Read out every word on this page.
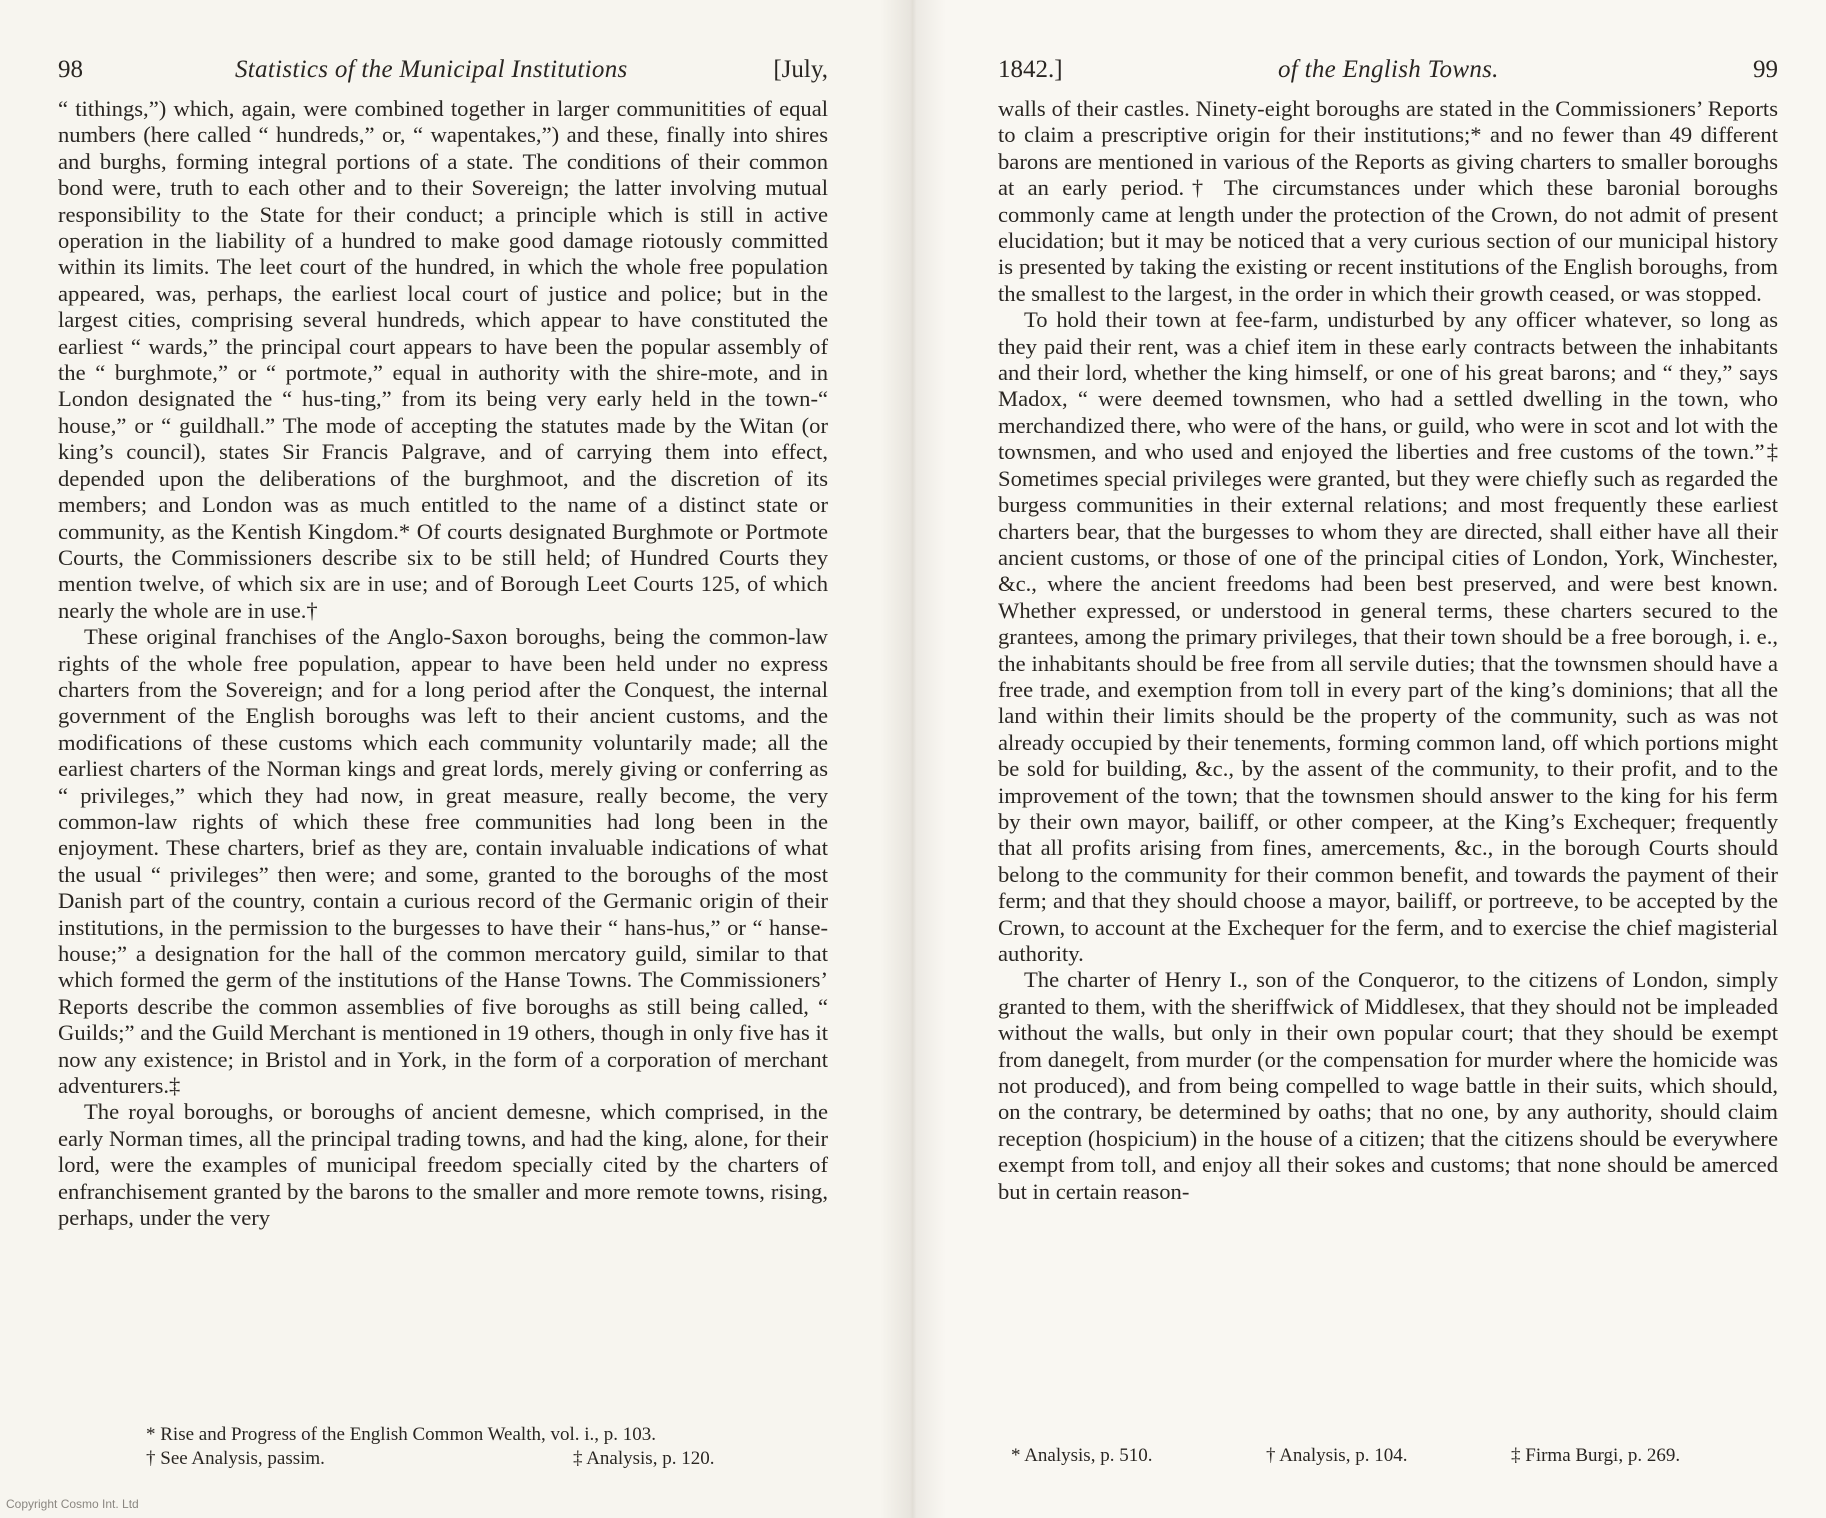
98	Statistics of the Municipal Institutions	[July,

“ tithings,”) which, again, were combined together in larger communitities of equal numbers (here called “ hundreds,” or, “ wapentakes,”) and these, finally into shires and burghs, forming integral portions of a state. The conditions of their common bond were, truth to each other and to their Sovereign; the latter involving mutual responsibility to the State for their conduct; a principle which is still in active operation in the liability of a hundred to make good damage riotously committed within its limits. The leet court of the hundred, in which the whole free population appeared, was, perhaps, the earliest local court of justice and police; but in the largest cities, comprising several hundreds, which appear to have constituted the earliest “ wards,” the principal court appears to have been the popular assembly of the “ burghmote,” or “ portmote,” equal in authority with the shire-mote, and in London designated the “ hus-ting,” from its being very early held in the town-“ house,” or “ guildhall.” The mode of accepting the statutes made by the Witan (or king’s council), states Sir Francis Palgrave, and of carrying them into effect, depended upon the deliberations of the burghmoot, and the discretion of its members; and London was as much entitled to the name of a distinct state or community, as the Kentish Kingdom.* Of courts designated Burghmote or Portmote Courts, the Commissioners describe six to be still held; of Hundred Courts they mention twelve, of which six are in use; and of Borough Leet Courts 125, of which nearly the whole are in use.†

These original franchises of the Anglo-Saxon boroughs, being the common-law rights of the whole free population, appear to have been held under no express charters from the Sovereign; and for a long period after the Conquest, the internal government of the English boroughs was left to their ancient customs, and the modifications of these customs which each community voluntarily made; all the earliest charters of the Norman kings and great lords, merely giving or conferring as “ privileges,” which they had now, in great measure, really become, the very common-law rights of which these free communities had long been in the enjoyment. These charters, brief as they are, contain invaluable indications of what the usual “ privileges” then were; and some, granted to the boroughs of the most Danish part of the country, contain a curious record of the Germanic origin of their institutions, in the permission to the burgesses to have their “ hans-hus,” or “ hanse-house;” a designation for the hall of the common mercatory guild, similar to that which formed the germ of the institutions of the Hanse Towns. The Commissioners’ Reports describe the common assemblies of five boroughs as still being called, “ Guilds;” and the Guild Merchant is mentioned in 19 others, though in only five has it now any existence; in Bristol and in York, in the form of a corporation of merchant adventurers.‡

The royal boroughs, or boroughs of ancient demesne, which comprised, in the early Norman times, all the principal trading towns, and had the king, alone, for their lord, were the examples of municipal freedom specially cited by the charters of enfranchisement granted by the barons to the smaller and more remote towns, rising, perhaps, under the very

* Rise and Progress of the English Common Wealth, vol. i., p. 103.
† See Analysis, passim.	‡ Analysis, p. 120.
Copyright Cosmo Int. Ltd
1842.]	of the English Towns.	99

walls of their castles. Ninety-eight boroughs are stated in the Commissioners’ Reports to claim a prescriptive origin for their institutions;* and no fewer than 49 different barons are mentioned in various of the Reports as giving charters to smaller boroughs at an early period.† The circumstances under which these baronial boroughs commonly came at length under the protection of the Crown, do not admit of present elucidation; but it may be noticed that a very curious section of our municipal history is presented by taking the existing or recent institutions of the English boroughs, from the smallest to the largest, in the order in which their growth ceased, or was stopped.

To hold their town at fee-farm, undisturbed by any officer whatever, so long as they paid their rent, was a chief item in these early contracts between the inhabitants and their lord, whether the king himself, or one of his great barons; and “ they,” says Madox, “ were deemed townsmen, who had a settled dwelling in the town, who merchandized there, who were of the hans, or guild, who were in scot and lot with the townsmen, and who used and enjoyed the liberties and free customs of the town.”‡ Sometimes special privileges were granted, but they were chiefly such as regarded the burgess communities in their external relations; and most frequently these earliest charters bear, that the burgesses to whom they are directed, shall either have all their ancient customs, or those of one of the principal cities of London, York, Winchester, &c., where the ancient freedoms had been best preserved, and were best known. Whether expressed, or understood in general terms, these charters secured to the grantees, among the primary privileges, that their town should be a free borough, i. e., the inhabitants should be free from all servile duties; that the townsmen should have a free trade, and exemption from toll in every part of the king’s dominions; that all the land within their limits should be the property of the community, such as was not already occupied by their tenements, forming common land, off which portions might be sold for building, &c., by the assent of the community, to their profit, and to the improvement of the town; that the townsmen should answer to the king for his ferm by their own mayor, bailiff, or other compeer, at the King’s Exchequer; frequently that all profits arising from fines, amercements, &c., in the borough Courts should belong to the community for their common benefit, and towards the payment of their ferm; and that they should choose a mayor, bailiff, or portreeve, to be accepted by the Crown, to account at the Exchequer for the ferm, and to exercise the chief magisterial authority.

The charter of Henry I., son of the Conqueror, to the citizens of London, simply granted to them, with the sheriffwick of Middlesex, that they should not be impleaded without the walls, but only in their own popular court; that they should be exempt from danegelt, from murder (or the compensation for murder where the homicide was not produced), and from being compelled to wage battle in their suits, which should, on the contrary, be determined by oaths; that no one, by any authority, should claim reception (hospicium) in the house of a citizen; that the citizens should be everywhere exempt from toll, and enjoy all their sokes and customs; that none should be amerced but in certain reason-

* Analysis, p. 510.	† Analysis, p. 104.	‡ Firma Burgi, p. 269.
